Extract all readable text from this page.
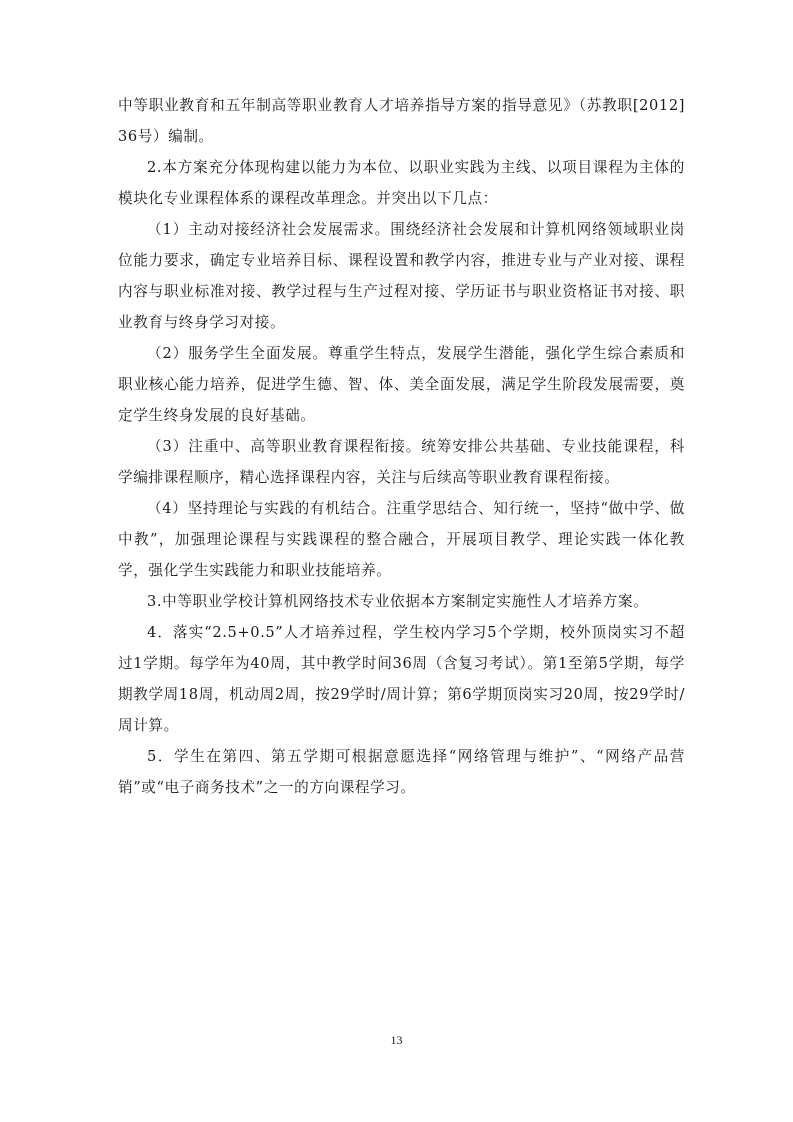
中等职业教育和五年制高等职业教育人才培养指导方案的指导意见》（苏教职[2012]36号）编制。

2.本方案充分体现构建以能力为本位、以职业实践为主线、以项目课程为主体的模块化专业课程体系的课程改革理念。并突出以下几点：

（1）主动对接经济社会发展需求。围绕经济社会发展和计算机网络领域职业岗位能力要求，确定专业培养目标、课程设置和教学内容，推进专业与产业对接、课程内容与职业标准对接、教学过程与生产过程对接、学历证书与职业资格证书对接、职业教育与终身学习对接。

（2）服务学生全面发展。尊重学生特点，发展学生潜能，强化学生综合素质和职业核心能力培养，促进学生德、智、体、美全面发展，满足学生阶段发展需要，奠定学生终身发展的良好基础。

（3）注重中、高等职业教育课程衔接。统筹安排公共基础、专业技能课程，科学编排课程顺序，精心选择课程内容，关注与后续高等职业教育课程衔接。

（4）坚持理论与实践的有机结合。注重学思结合、知行统一，坚持“做中学、做中教”，加强理论课程与实践课程的整合融合，开展项目教学、理论实践一体化教学，强化学生实践能力和职业技能培养。

3.中等职业学校计算机网络技术专业依据本方案制定实施性人才培养方案。

4．落实“2.5+0.5”人才培养过程，学生校内学习5个学期，校外顶岗实习不超过1学期。每学年为40周，其中教学时间36周（含复习考试）。第1至第5学期，每学期教学周18周，机动周2周，按29学时/周计算；第6学期顶岗实习20周，按29学时/周计算。

5．学生在第四、第五学期可根据意愿选择“网络管理与维护”、“网络产品营销”或“电子商务技术”之一的方向课程学习。

13
